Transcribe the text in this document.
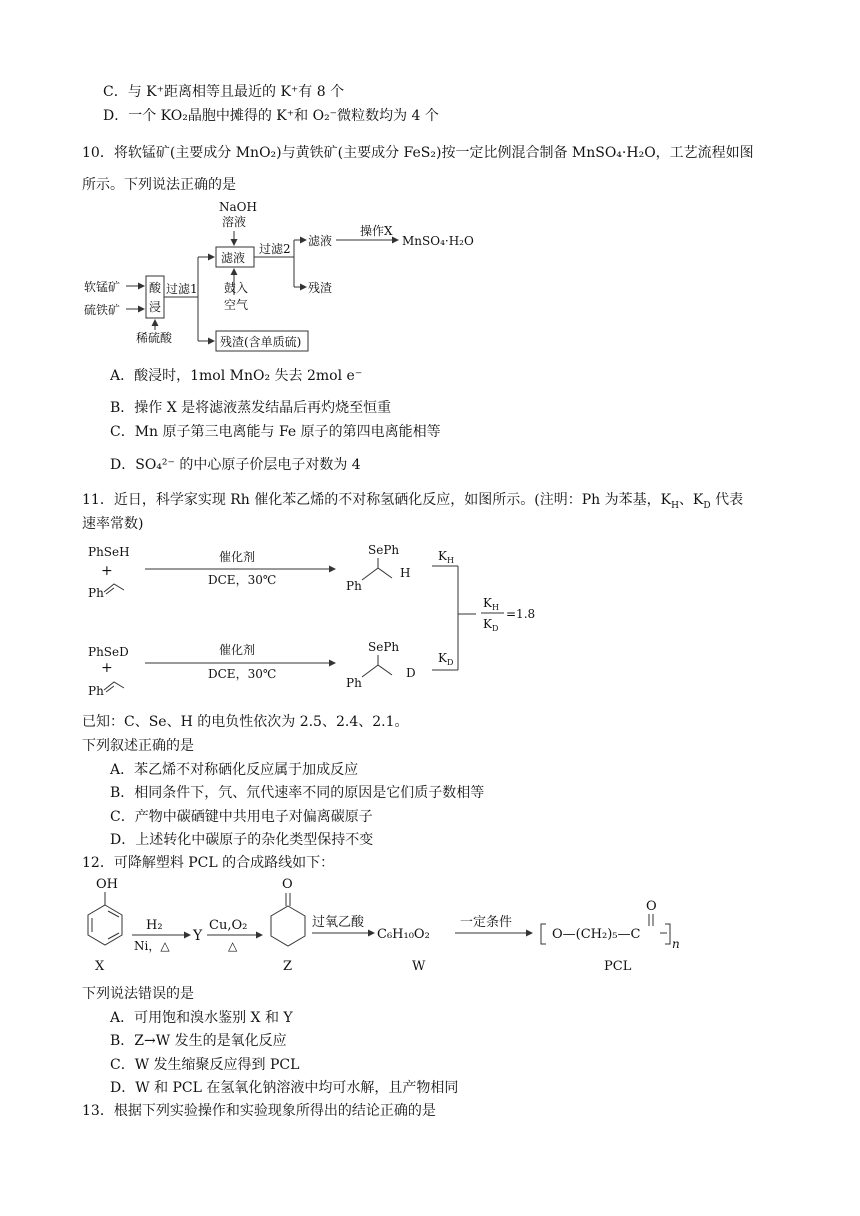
C．与 K⁺距离相等且最近的 K⁺有 8 个
D．一个 KO₂晶胞中摊得的 K⁺和 O₂⁻微粒数均为 4 个
10．将软锰矿(主要成分 MnO₂)与黄铁矿(主要成分 FeS₂)按一定比例混合制备 MnSO₄·H₂O，工艺流程如图
所示。下列说法正确的是
NaOH
溶液
滤液
过滤2
滤液
操作X
MnSO₄·H₂O
残渣
鼓入
空气
软锰矿
硫铁矿
酸
浸
稀硫酸
过滤1
残渣(含单质硫)
A．酸浸时，1mol MnO₂ 失去 2mol e⁻
B．操作 X 是将滤液蒸发结晶后再灼烧至恒重
C．Mn 原子第三电离能与 Fe 原子的第四电离能相等
D．SO₄²⁻ 的中心原子价层电子对数为 4
11．近日，科学家实现 Rh 催化苯乙烯的不对称氢硒化反应，如图所示。(注明：Ph 为苯基，$K_H$、$K_D$ 代表
速率常数)
PhSeH
+
Ph
催化剂
DCE，30℃
SePh
Ph
H
PhSeD
+
Ph
催化剂
DCE，30℃
SePh
Ph
D
$K_H$
$K_D$
$K_H$
$K_D$
=1.8
已知：C、Se、H 的电负性依次为 2.5、2.4、2.1。
下列叙述正确的是
A．苯乙烯不对称硒化反应属于加成反应
B．相同条件下，氕、氘代速率不同的原因是它们质子数相等
C．产物中碳硒键中共用电子对偏离碳原子
D．上述转化中碳原子的杂化类型保持不变
12．可降解塑料 PCL 的合成路线如下：
OH
X
H₂
Ni，△
Y
Cu,O₂
△
O
Z
过氧乙酸
C₆H₁₀O₂
W
一定条件
O—(CH₂)₅—C
O
n
PCL
下列说法错误的是
A．可用饱和溴水鉴别 X 和 Y
B．Z→W 发生的是氧化反应
C．W 发生缩聚反应得到 PCL
D．W 和 PCL 在氢氧化钠溶液中均可水解，且产物相同
13．根据下列实验操作和实验现象所得出的结论正确的是
